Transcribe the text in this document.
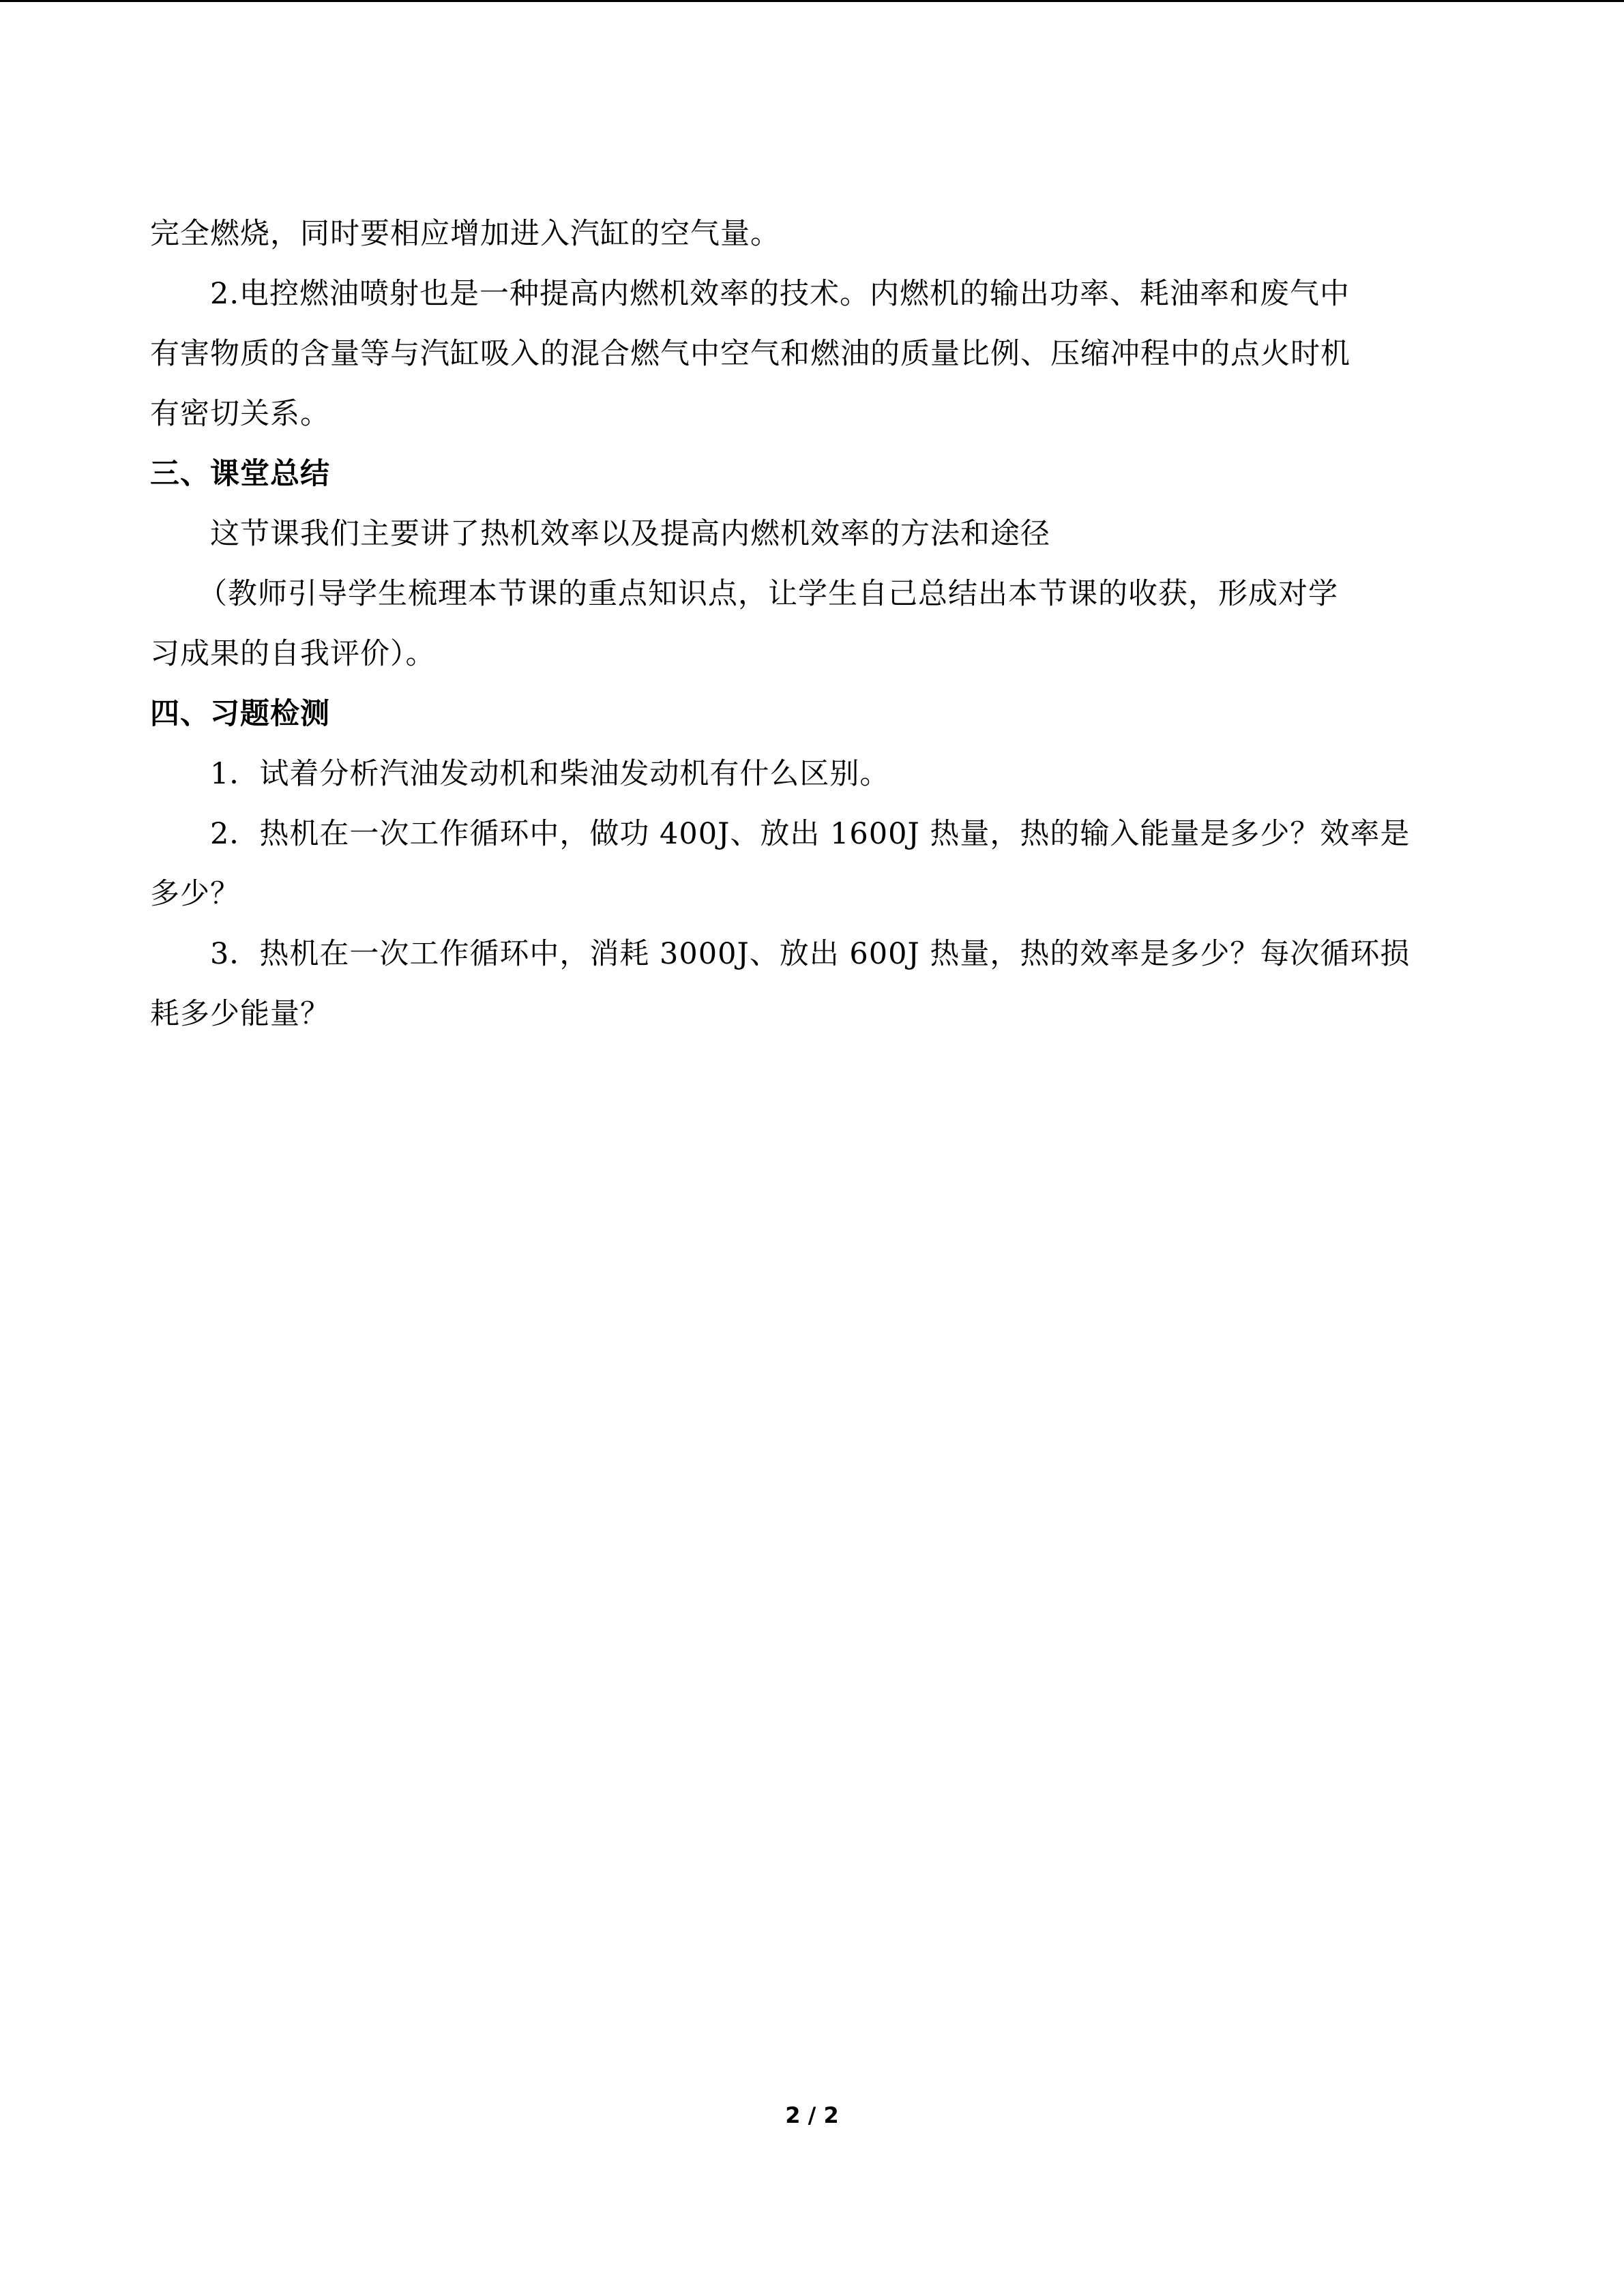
完全燃烧，同时要相应增加进入汽缸的空气量。
2.电控燃油喷射也是一种提高内燃机效率的技术。内燃机的输出功率、耗油率和废气中
有害物质的含量等与汽缸吸入的混合燃气中空气和燃油的质量比例、压缩冲程中的点火时机
有密切关系。
三、课堂总结
这节课我们主要讲了热机效率以及提高内燃机效率的方法和途径
（教师引导学生梳理本节课的重点知识点，让学生自己总结出本节课的收获，形成对学
习成果的自我评价）。
四、习题检测
1．试着分析汽油发动机和柴油发动机有什么区别。
2．热机在一次工作循环中，做功 400J、放出 1600J 热量，热的输入能量是多少？效率是
多少？
3．热机在一次工作循环中，消耗 3000J、放出 600J 热量，热的效率是多少？每次循环损
耗多少能量？
2 / 2
